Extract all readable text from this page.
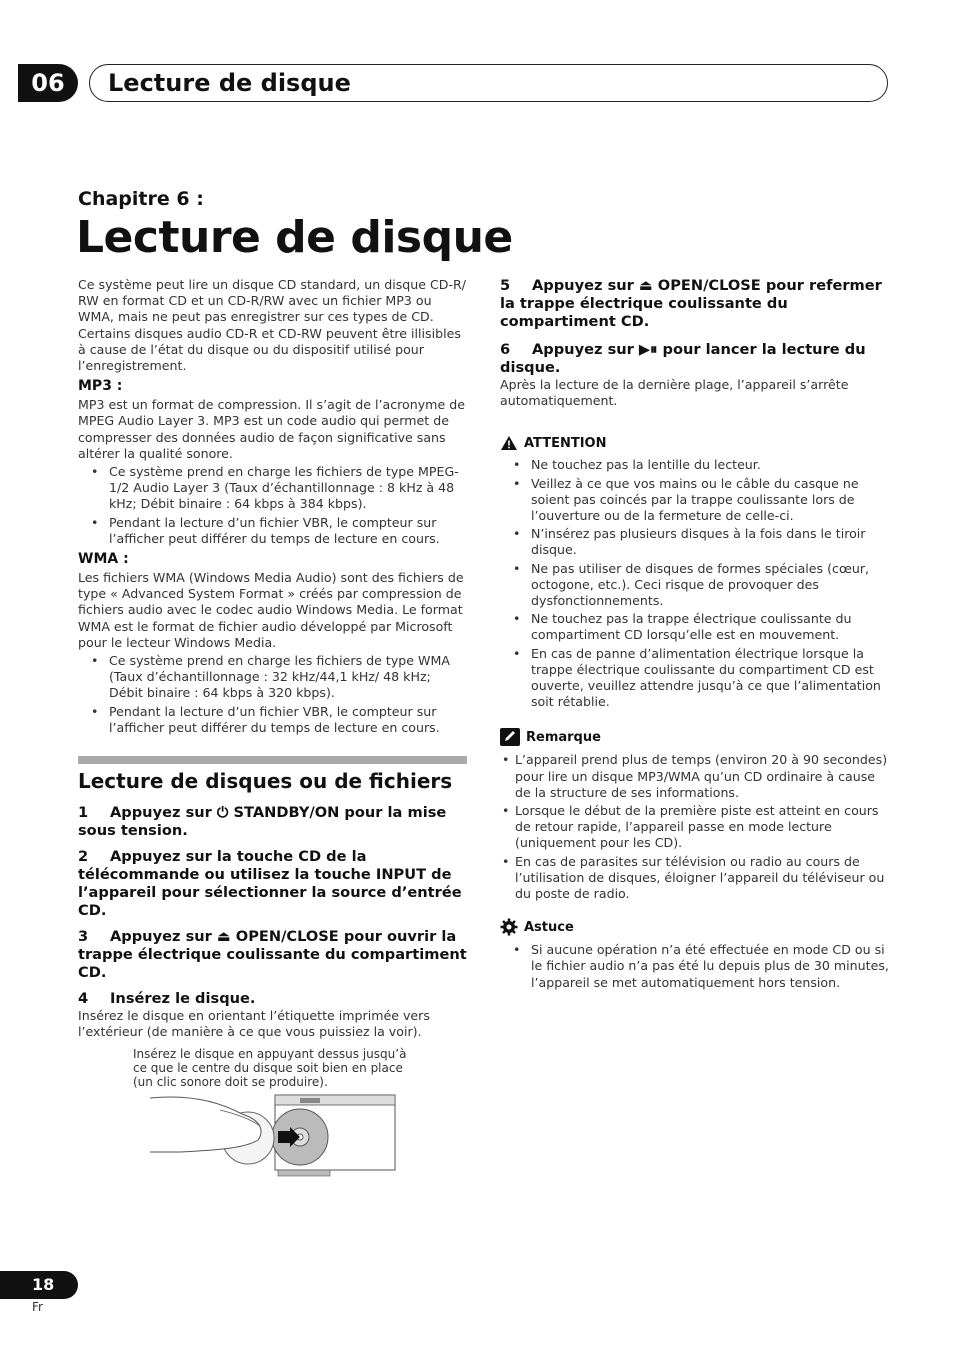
06	Lecture de disque
Chapitre 6 :
Lecture de disque

Ce système peut lire un disque CD standard, un disque CD-R/ RW en format CD et un CD-R/RW avec un fichier MP3 ou WMA, mais ne peut pas enregistrer sur ces types de CD. Certains disques audio CD-R et CD-RW peuvent être illisibles à cause de l’état du disque ou du dispositif utilisé pour l’enregistrement.

MP3 :

MP3 est un format de compression. Il s’agit de l’acronyme de MPEG Audio Layer 3. MP3 est un code audio qui permet de compresser des données audio de façon significative sans altérer la qualité sonore.

• Ce système prend en charge les fichiers de type MPEG-1/2 Audio Layer 3 (Taux d’échantillonnage : 8 kHz à 48 kHz; Débit binaire : 64 kbps à 384 kbps).
• Pendant la lecture d’un fichier VBR, le compteur sur l’afficher peut différer du temps de lecture en cours.

WMA :

Les fichiers WMA (Windows Media Audio) sont des fichiers de type « Advanced System Format » créés par compression de fichiers audio avec le codec audio Windows Media. Le format WMA est le format de fichier audio développé par Microsoft pour le lecteur Windows Media.

• Ce système prend en charge les fichiers de type WMA (Taux d’échantillonnage : 32 kHz/44,1 kHz/ 48 kHz; Débit binaire : 64 kbps à 320 kbps).
• Pendant la lecture d’un fichier VBR, le compteur sur l’afficher peut différer du temps de lecture en cours.
Lecture de disques ou de fichiers

1 Appuyez sur ⏻ STANDBY/ON pour la mise sous tension.

2 Appuyez sur la touche CD de la télécommande ou utilisez la touche INPUT de l’appareil pour sélectionner la source d’entrée CD.

3 Appuyez sur ⏏ OPEN/CLOSE pour ouvrir la trappe électrique coulissante du compartiment CD.

4 Insérez le disque.

Insérez le disque en orientant l’étiquette imprimée vers l’extérieur (de manière à ce que vous puissiez la voir).

Insérez le disque en appuyant dessus jusqu’à ce que le centre du disque soit bien en place (un clic sonore doit se produire).

5 Appuyez sur ⏏ OPEN/CLOSE pour refermer la trappe électrique coulissante du compartiment CD.

6 Appuyez sur ▶⏸ pour lancer la lecture du disque.

Après la lecture de la dernière plage, l’appareil s’arrête automatiquement.

ATTENTION
• Ne touchez pas la lentille du lecteur.
• Veillez à ce que vos mains ou le câble du casque ne soient pas coincés par la trappe coulissante lors de l’ouverture ou de la fermeture de celle-ci.
• N’insérez pas plusieurs disques à la fois dans le tiroir disque.
• Ne pas utiliser de disques de formes spéciales (cœur, octogone, etc.). Ceci risque de provoquer des dysfonctionnements.
• Ne touchez pas la trappe électrique coulissante du compartiment CD lorsqu’elle est en mouvement.
• En cas de panne d’alimentation électrique lorsque la trappe électrique coulissante du compartiment CD est ouverte, veuillez attendre jusqu’à ce que l’alimentation soit rétablie.
Remarque
• L’appareil prend plus de temps (environ 20 à 90 secondes) pour lire un disque MP3/WMA qu’un CD ordinaire à cause de la structure de ses informations.
• Lorsque le début de la première piste est atteint en cours de retour rapide, l’appareil passe en mode lecture (uniquement pour les CD).
• En cas de parasites sur télévision ou radio au cours de l’utilisation de disques, éloigner l’appareil du téléviseur ou du poste de radio.
Astuce
• Si aucune opération n’a été effectuée en mode CD ou si le fichier audio n’a pas été lu depuis plus de 30 minutes, l’appareil se met automatiquement hors tension.
18
Fr
